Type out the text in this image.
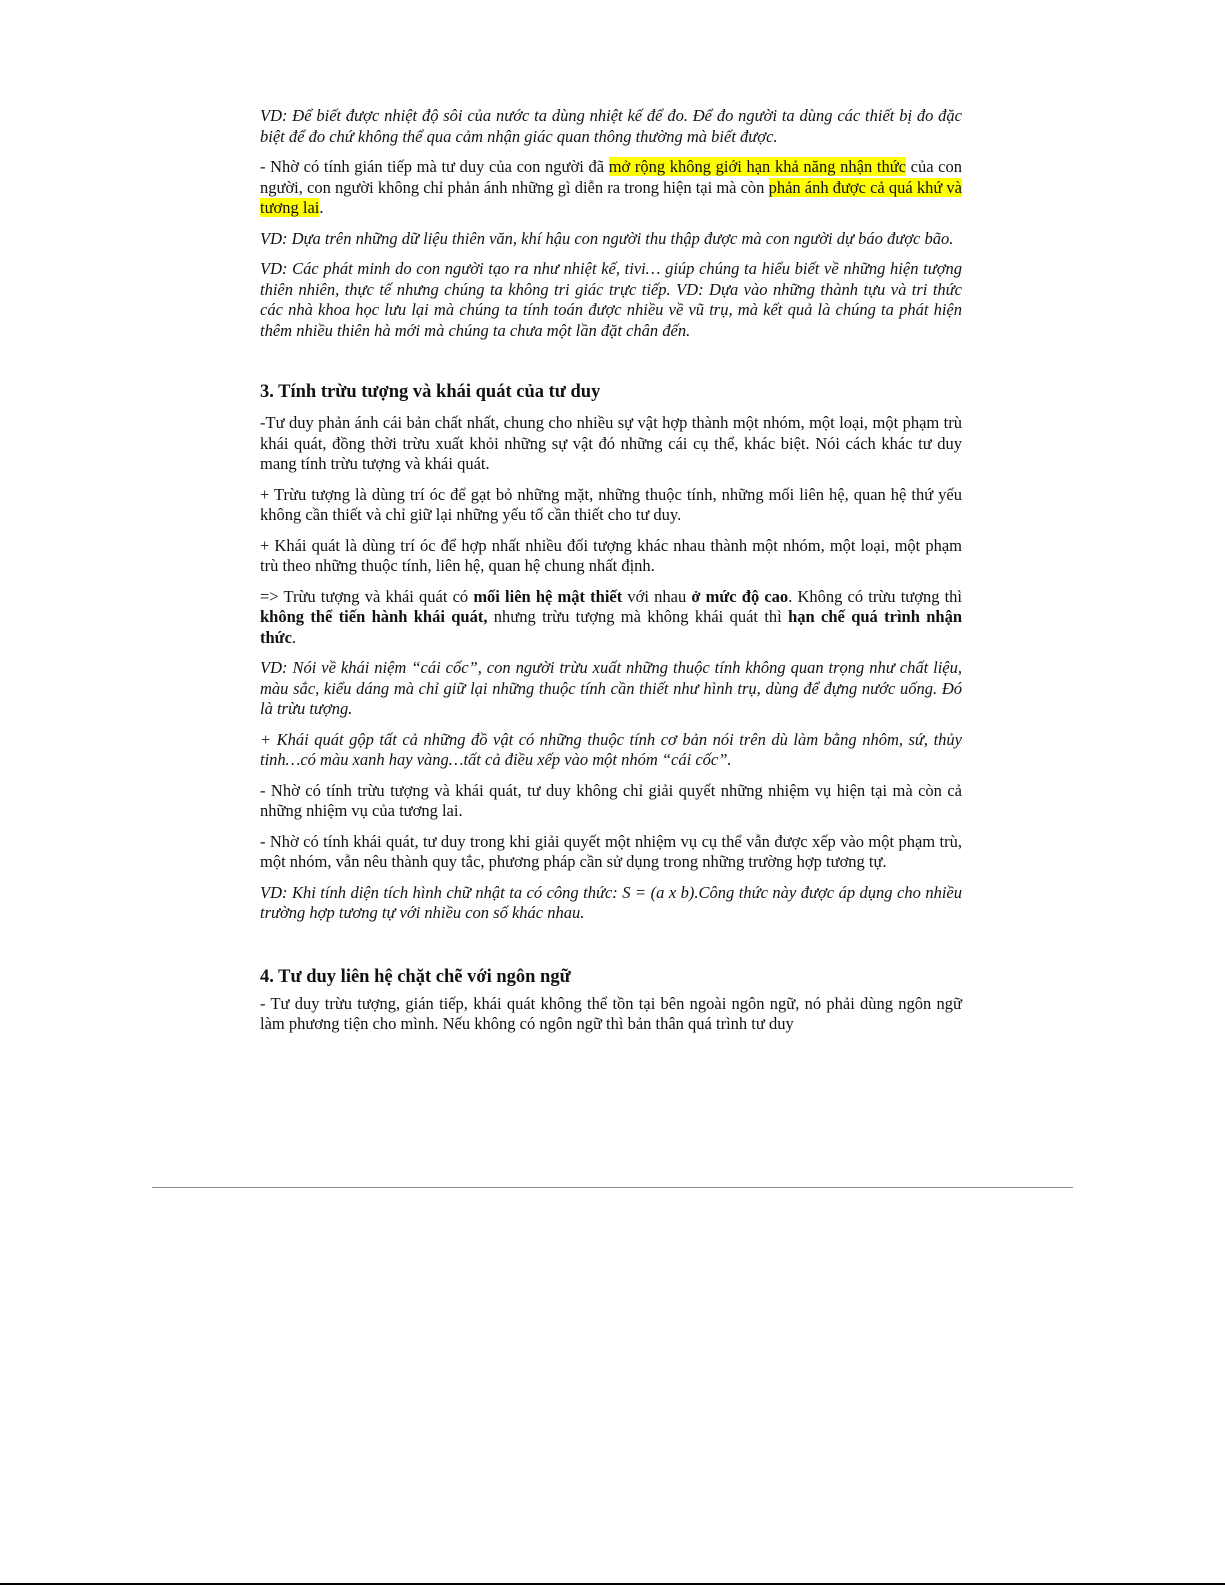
VD: Để biết được nhiệt độ sôi của nước ta dùng nhiệt kế để đo. Để đo người ta dùng các thiết bị đo đặc biệt để đo chứ không thể qua cảm nhận giác quan thông thường mà biết được.

- Nhờ có tính gián tiếp mà tư duy của con người đã mở rộng không giới hạn khả năng nhận thức của con người, con người không chỉ phản ánh những gì diễn ra trong hiện tại mà còn phản ánh được cả quá khứ và tương lai.

VD: Dựa trên những dữ liệu thiên văn, khí hậu con người thu thập được mà con người dự báo được bão.

VD: Các phát minh do con người tạo ra như nhiệt kế, tivi… giúp chúng ta hiểu biết về những hiện tượng thiên nhiên, thực tế nhưng chúng ta không tri giác trực tiếp. VD: Dựa vào những thành tựu và tri thức các nhà khoa học lưu lại mà chúng ta tính toán được nhiều về vũ trụ, mà kết quả là chúng ta phát hiện thêm nhiều thiên hà mới mà chúng ta chưa một lần đặt chân đến.

3. Tính trừu tượng và khái quát của tư duy

-Tư duy phản ánh cái bản chất nhất, chung cho nhiều sự vật hợp thành một nhóm, một loại, một phạm trù khái quát, đồng thời trừu xuất khỏi những sự vật đó những cái cụ thể, khác biệt. Nói cách khác tư duy mang tính trừu tượng và khái quát.

+ Trừu tượng là dùng trí óc để gạt bỏ những mặt, những thuộc tính, những mối liên hệ, quan hệ thứ yếu không cần thiết và chỉ giữ lại những yếu tố cần thiết cho tư duy.

+ Khái quát là dùng trí óc để hợp nhất nhiều đối tượng khác nhau thành một nhóm, một loại, một phạm trù theo những thuộc tính, liên hệ, quan hệ chung nhất định.

=> Trừu tượng và khái quát có mối liên hệ mật thiết với nhau ở mức độ cao. Không có trừu tượng thì không thể tiến hành khái quát, nhưng trừu tượng mà không khái quát thì hạn chế quá trình nhận thức.

VD: Nói về khái niệm “cái cốc”, con người trừu xuất những thuộc tính không quan trọng như chất liệu, màu sắc, kiểu dáng mà chỉ giữ lại những thuộc tính cần thiết như hình trụ, dùng để đựng nước uống. Đó là trừu tượng.

+ Khái quát gộp tất cả những đồ vật có những thuộc tính cơ bản nói trên dù làm bằng nhôm, sứ, thủy tinh…có màu xanh hay vàng…tất cả điều xếp vào một nhóm “cái cốc”.

- Nhờ có tính trừu tượng và khái quát, tư duy không chỉ giải quyết những nhiệm vụ hiện tại mà còn cả những nhiệm vụ của tương lai.

- Nhờ có tính khái quát, tư duy trong khi giải quyết một nhiệm vụ cụ thể vẫn được xếp vào một phạm trù, một nhóm, vẫn nêu thành quy tắc, phương pháp cần sử dụng trong những trường hợp tương tự.

VD: Khi tính diện tích hình chữ nhật ta có công thức: S = (a x b).Công thức này được áp dụng cho nhiều trường hợp tương tự với nhiều con số khác nhau.

4. Tư duy liên hệ chặt chẽ với ngôn ngữ

- Tư duy trừu tượng, gián tiếp, khái quát không thể tồn tại bên ngoài ngôn ngữ, nó phải dùng ngôn ngữ làm phương tiện cho mình. Nếu không có ngôn ngữ thì bản thân quá trình tư duy
